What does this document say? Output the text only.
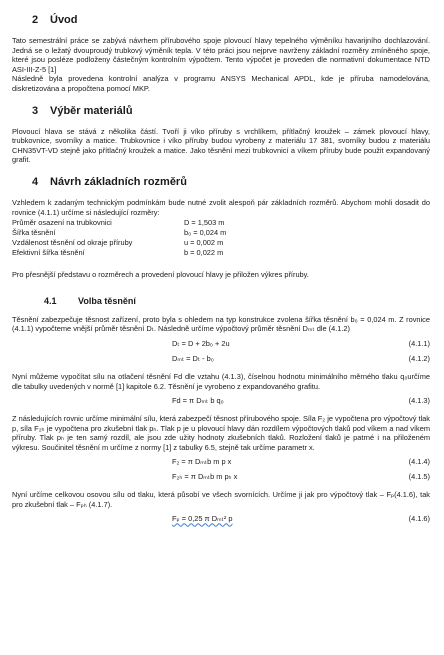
2 Úvod

Tato semestrální práce se zabývá návrhem přírubového spoje plovoucí hlavy tepelného výměníku havarijního dochlazování. Jedná se o ležatý dvouproudý trubkový výměník tepla. V této práci jsou nejprve navrženy základní rozměry zmíněného spoje, které jsou posléze podloženy částečným kontrolním výpočtem. Tento výpočet je proveden dle normativní dokumentace NTD ASI-III-Z-5 [1]

Následně byla provedena kontrolní analýza v programu ANSYS Mechanical APDL, kde je příruba namodelována, diskretizována a propočtena pomocí MKP.

3 Výběr materiálů

Plovoucí hlava se stává z několika částí. Tvoří ji víko příruby s vrchlíkem, přítlačný kroužek – zámek plovoucí hlavy, trubkovnice, svorníky a matice. Trubkovnice i víko příruby budou vyrobeny z materiálu 17 381, svorníky budou z materiálu CHN35VT-VD stejně jako přítlačný kroužek a matice. Jako těsnění mezi trubkovnicí a víkem příruby bude použit expandovaný grafit.

4 Návrh základních rozměrů

Vzhledem k zadaným technickým podmínkám bude nutné zvolit alespoň pár základních rozměrů. Abychom mohli dosadit do rovnice (4.1.1) určíme si následující rozměry:

Průměr osazení na trubkovnici	D = 1,503 m
Šířka těsnění	b₀ = 0,024 m
Vzdálenost těsnění od okraje příruby	u = 0,002 m
Efektivní šířka těsnění	b = 0,022 m

Pro přesnější představu o rozměrech a provedení plovoucí hlavy je přiložen výkres příruby.

4.1 Volba těsnění

Těsnění zabezpečuje těsnost zařízení, proto byla s ohledem na typ konstrukce zvolena šířka těsnění b₀ = 0,024 m. Z rovnice (4.1.1) vypočteme vnější průměr těsnění Dₜ. Následně určíme výpočtový průměr těsnění Dₘₜ dle (4.1.2)

Dₜ = D + 2b₀ + 2u	(4.1.1)
Dₘₜ = Dₜ - b₀	(4.1.2)

Nyní můžeme vypočítat sílu na otlačení těsnění Fd dle vztahu (4.1.3), číselnou hodnotu minimálního měrného tlaku q₀určíme dle tabulky uvedených v normě [1] kapitole 6.2. Těsnění je vyrobeno z expandovaného grafitu.

Fd = π Dₘₜ b q₀	(4.1.3)

Z následujících rovnic určíme minimální sílu, která zabezpečí těsnost přírubového spoje. Síla F₂ je vypočtena pro výpočtový tlak p, síla F₂ₕ je vypočtena pro zkušební tlak pₕ. Tlak p je u plovoucí hlavy dán rozdílem výpočtových tlaků pod víkem a nad víkem příruby. Tlak pₕ je ten samý rozdíl, ale jsou zde užity hodnoty zkušebních tlaků. Rozložení tlaků je patrné i na přiloženém výkresu. Součinitel těsnění m určíme z normy [1] z tabulky 6.5, stejně tak určíme parametr x.

F₂ = π Dₘₜb m p x	(4.1.4)
F₂ₕ = π Dₘₜb m pₕ x	(4.1.5)

Nyní určíme celkovou osovou sílu od tlaku, která působí ve všech svornících. Určíme ji jak pro výpočtový tlak – Fₚ(4.1.6), tak pro zkušební tlak – Fₚₕ (4.1.7).

Fₚ = 0,25 π Dₘₜ² p	(4.1.6)
